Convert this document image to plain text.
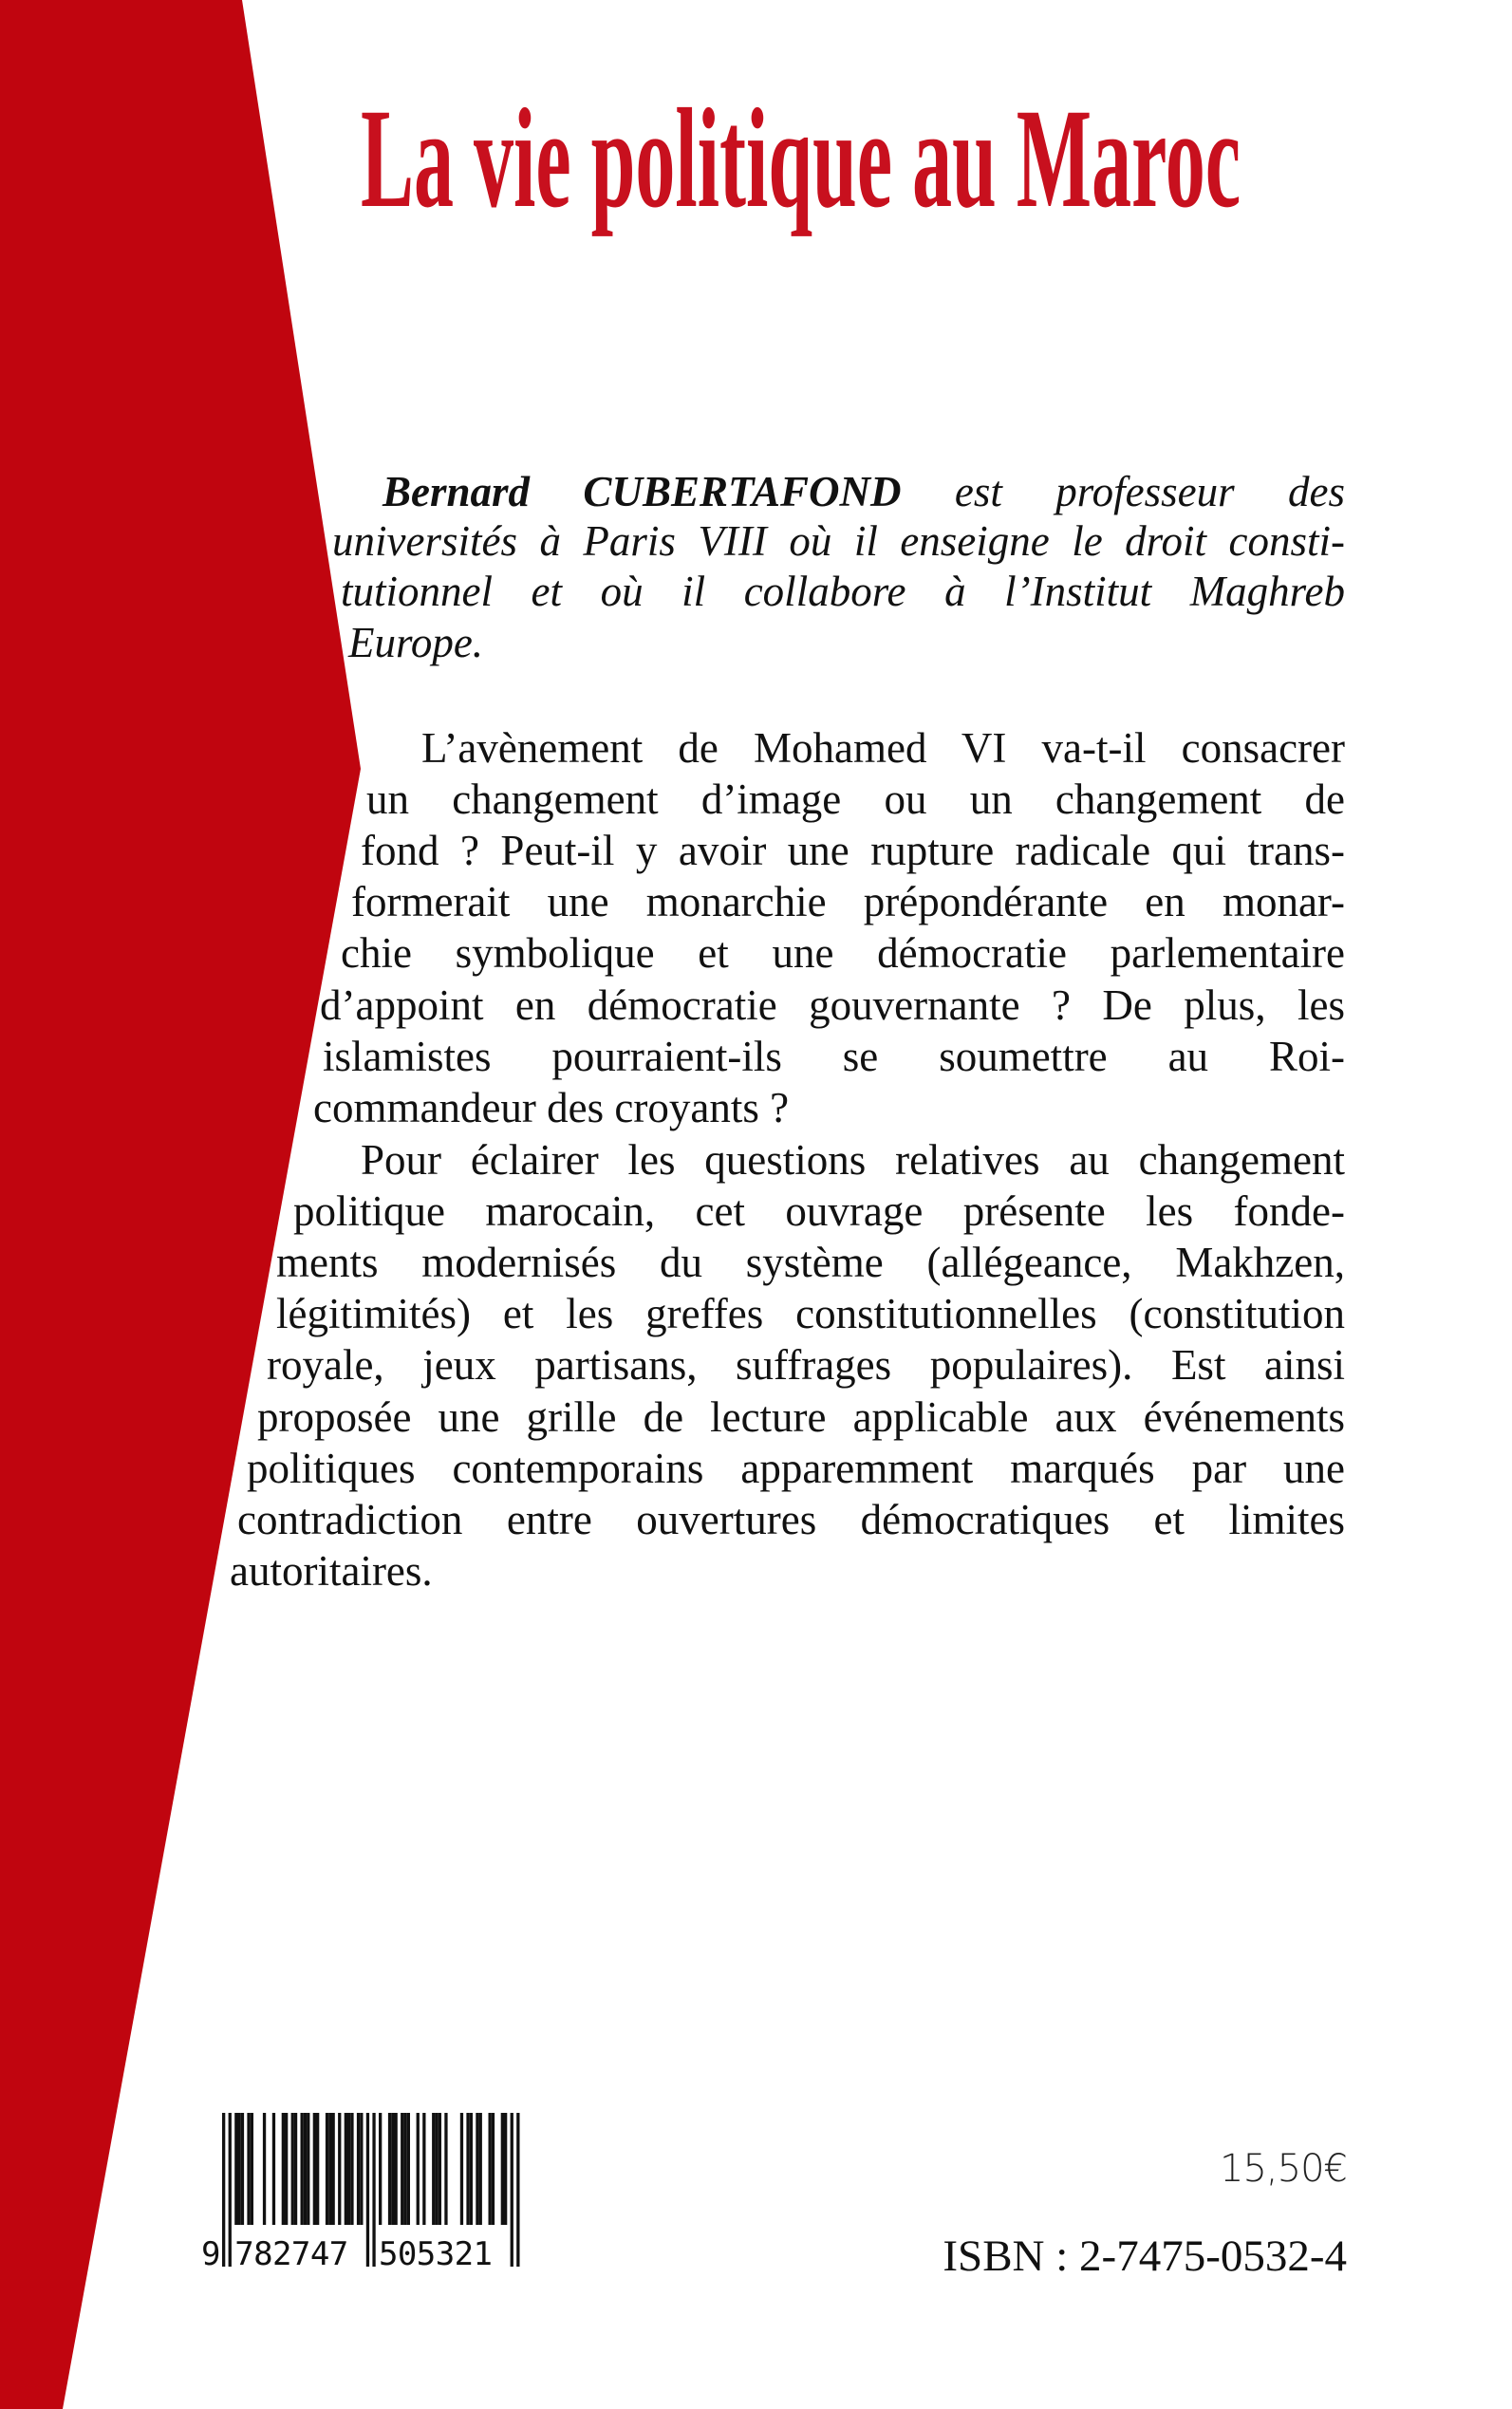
La vie politique au Maroc
Bernard CUBERTAFOND est professeur des
universités à Paris VIII où il enseigne le droit consti-
tutionnel et où il collabore à l’Institut Maghreb
Europe.
L’avènement de Mohamed VI va-t-il consacrer
un changement d’image ou un changement de
fond ? Peut-il y avoir une rupture radicale qui trans-
formerait une monarchie prépondérante en monar-
chie symbolique et une démocratie parlementaire
d’appoint en démocratie gouvernante ? De plus, les
islamistes pourraient-ils se soumettre au Roi-
commandeur des croyants ?
Pour éclairer les questions relatives au changement
politique marocain, cet ouvrage présente les fonde-
ments modernisés du système (allégeance, Makhzen,
légitimités) et les greffes constitutionnelles (constitution
royale, jeux partisans, suffrages populaires). Est ainsi
proposée une grille de lecture applicable aux événements
politiques contemporains apparemment marqués par une
contradiction entre ouvertures démocratiques et limites
autoritaires.
9 782747 505321
15,50€
ISBN : 2-7475-0532-4
